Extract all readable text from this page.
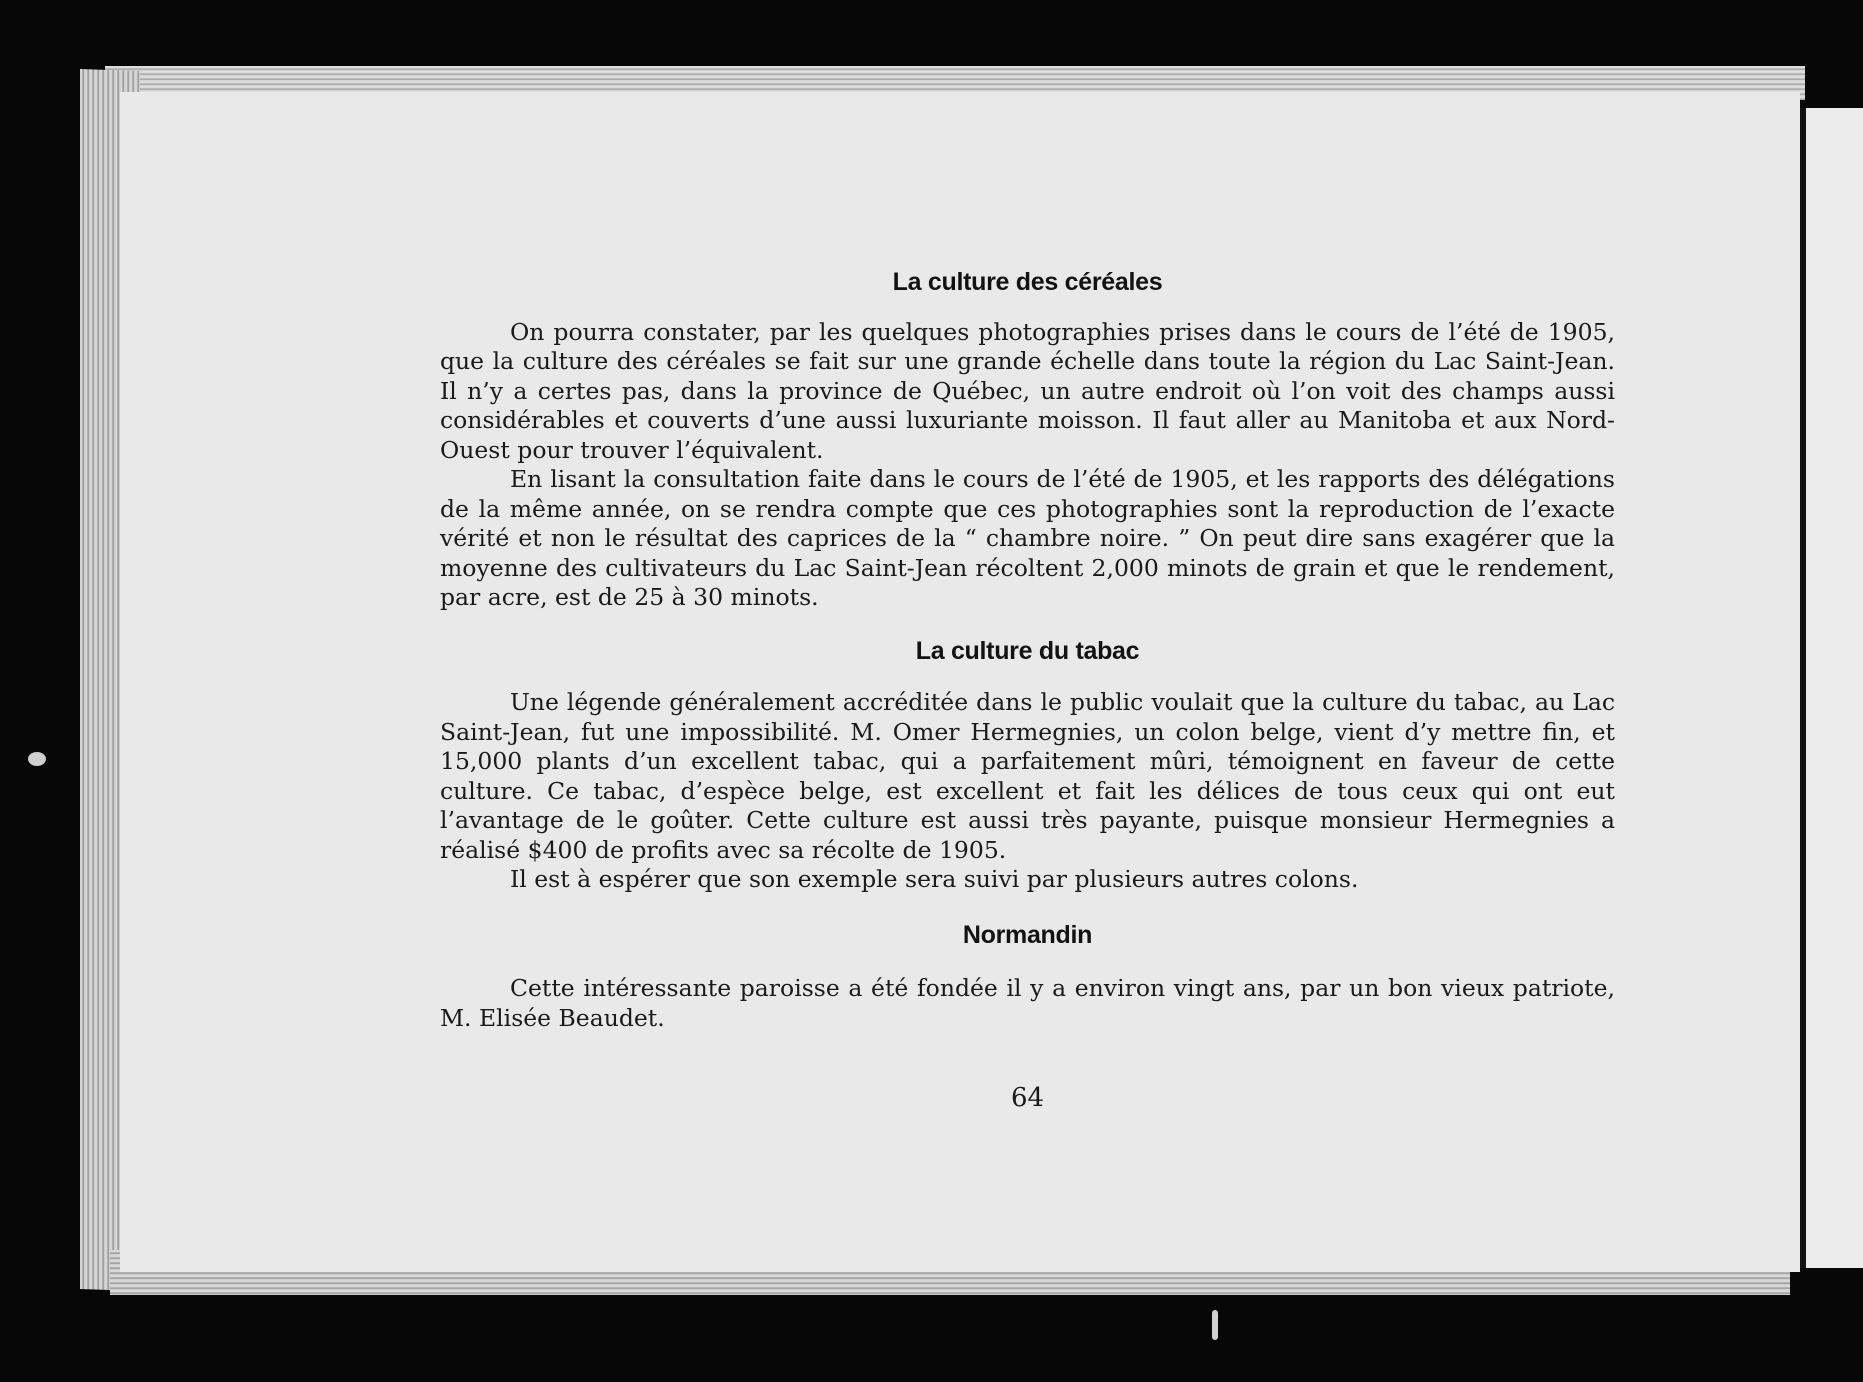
La culture des céréales

On pourra constater, par les quelques photographies prises dans le cours de l’été de 1905, que la culture des céréales se fait sur une grande échelle dans toute la région du Lac Saint-Jean. Il n’y a certes pas, dans la province de Québec, un autre endroit où l’on voit des champs aussi considérables et couverts d’une aussi luxuriante moisson. Il faut aller au Manitoba et aux Nord-Ouest pour trouver l’équivalent.

En lisant la consultation faite dans le cours de l’été de 1905, et les rapports des délégations de la même année, on se rendra compte que ces photographies sont la reproduction de l’exacte vérité et non le résultat des caprices de la “ chambre noire. ” On peut dire sans exagérer que la moyenne des cultivateurs du Lac Saint-Jean récoltent 2,000 minots de grain et que le rendement, par acre, est de 25 à 30 minots.

La culture du tabac

Une légende généralement accréditée dans le public voulait que la culture du tabac, au Lac Saint-Jean, fut une impossibilité. M. Omer Hermegnies, un colon belge, vient d’y mettre fin, et 15,000 plants d’un excellent tabac, qui a parfaitement mûri, témoignent en faveur de cette culture. Ce tabac, d’espèce belge, est excellent et fait les délices de tous ceux qui ont eut l’avantage de le goûter. Cette culture est aussi très payante, puisque monsieur Hermegnies a réalisé $400 de profits avec sa récolte de 1905.

Il est à espérer que son exemple sera suivi par plusieurs autres colons.

Normandin

Cette intéressante paroisse a été fondée il y a environ vingt ans, par un bon vieux patriote, M. Elisée Beaudet.

64
